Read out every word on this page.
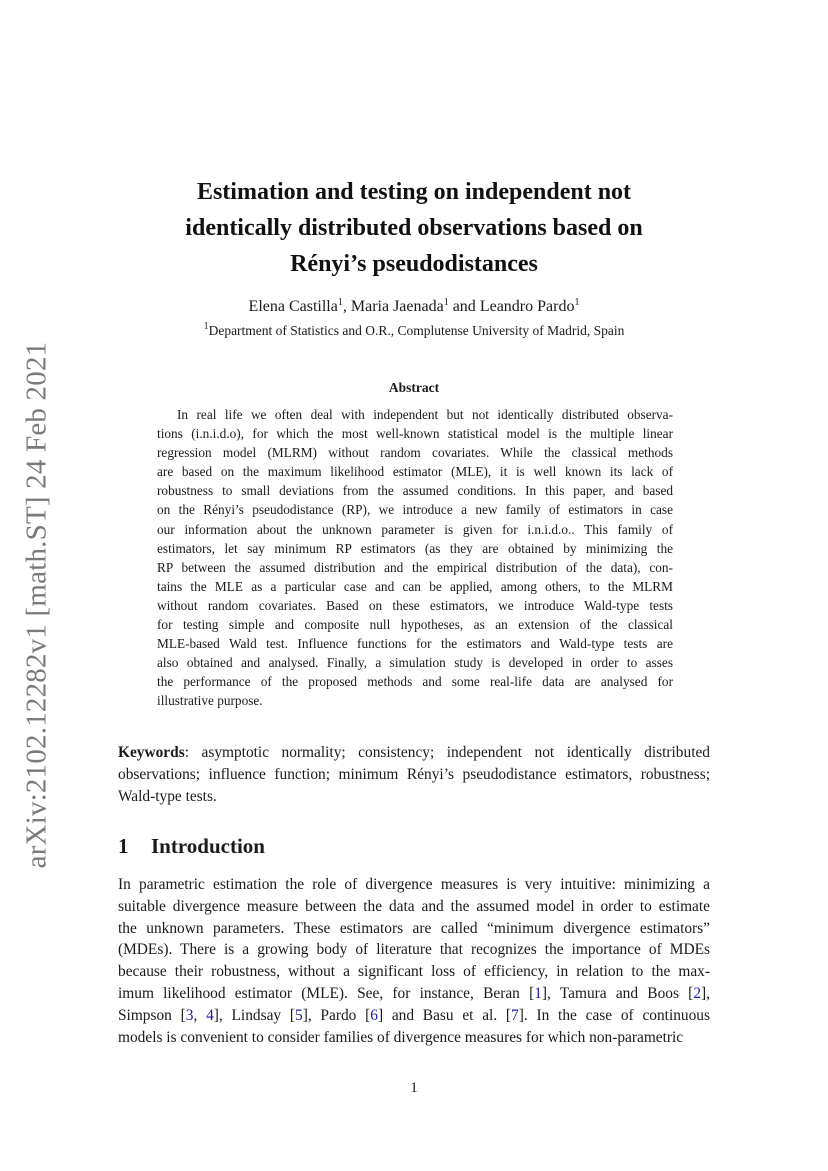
arXiv:2102.12282v1 [math.ST] 24 Feb 2021
Estimation and testing on independent not
identically distributed observations based on
Rényi’s pseudodistances
Elena Castilla$^1$, Maria Jaenada$^1$ and Leandro Pardo$^1$
$^1$Department of Statistics and O.R., Complutense University of Madrid, Spain
Abstract
In real life we often deal with independent but not identically distributed observa-
tions (i.n.i.d.o), for which the most well-known statistical model is the multiple linear
regression model (MLRM) without random covariates. While the classical methods
are based on the maximum likelihood estimator (MLE), it is well known its lack of
robustness to small deviations from the assumed conditions. In this paper, and based
on the Rényi’s pseudodistance (RP), we introduce a new family of estimators in case
our information about the unknown parameter is given for i.n.i.d.o.. This family of
estimators, let say minimum RP estimators (as they are obtained by minimizing the
RP between the assumed distribution and the empirical distribution of the data), con-
tains the MLE as a particular case and can be applied, among others, to the MLRM
without random covariates. Based on these estimators, we introduce Wald-type tests
for testing simple and composite null hypotheses, as an extension of the classical
MLE-based Wald test. Influence functions for the estimators and Wald-type tests are
also obtained and analysed. Finally, a simulation study is developed in order to asses
the performance of the proposed methods and some real-life data are analysed for
illustrative purpose.
Keywords: asymptotic normality; consistency; independent not identically distributed
observations; influence function; minimum Rényi’s pseudodistance estimators, robustness;
Wald-type tests.
1 Introduction
In parametric estimation the role of divergence measures is very intuitive: minimizing a
suitable divergence measure between the data and the assumed model in order to estimate
the unknown parameters. These estimators are called “minimum divergence estimators”
(MDEs). There is a growing body of literature that recognizes the importance of MDEs
because their robustness, without a significant loss of efficiency, in relation to the max-
imum likelihood estimator (MLE). See, for instance, Beran [1], Tamura and Boos [2],
Simpson [3, 4], Lindsay [5], Pardo [6] and Basu et al. [7]. In the case of continuous
models is convenient to consider families of divergence measures for which non-parametric
1
